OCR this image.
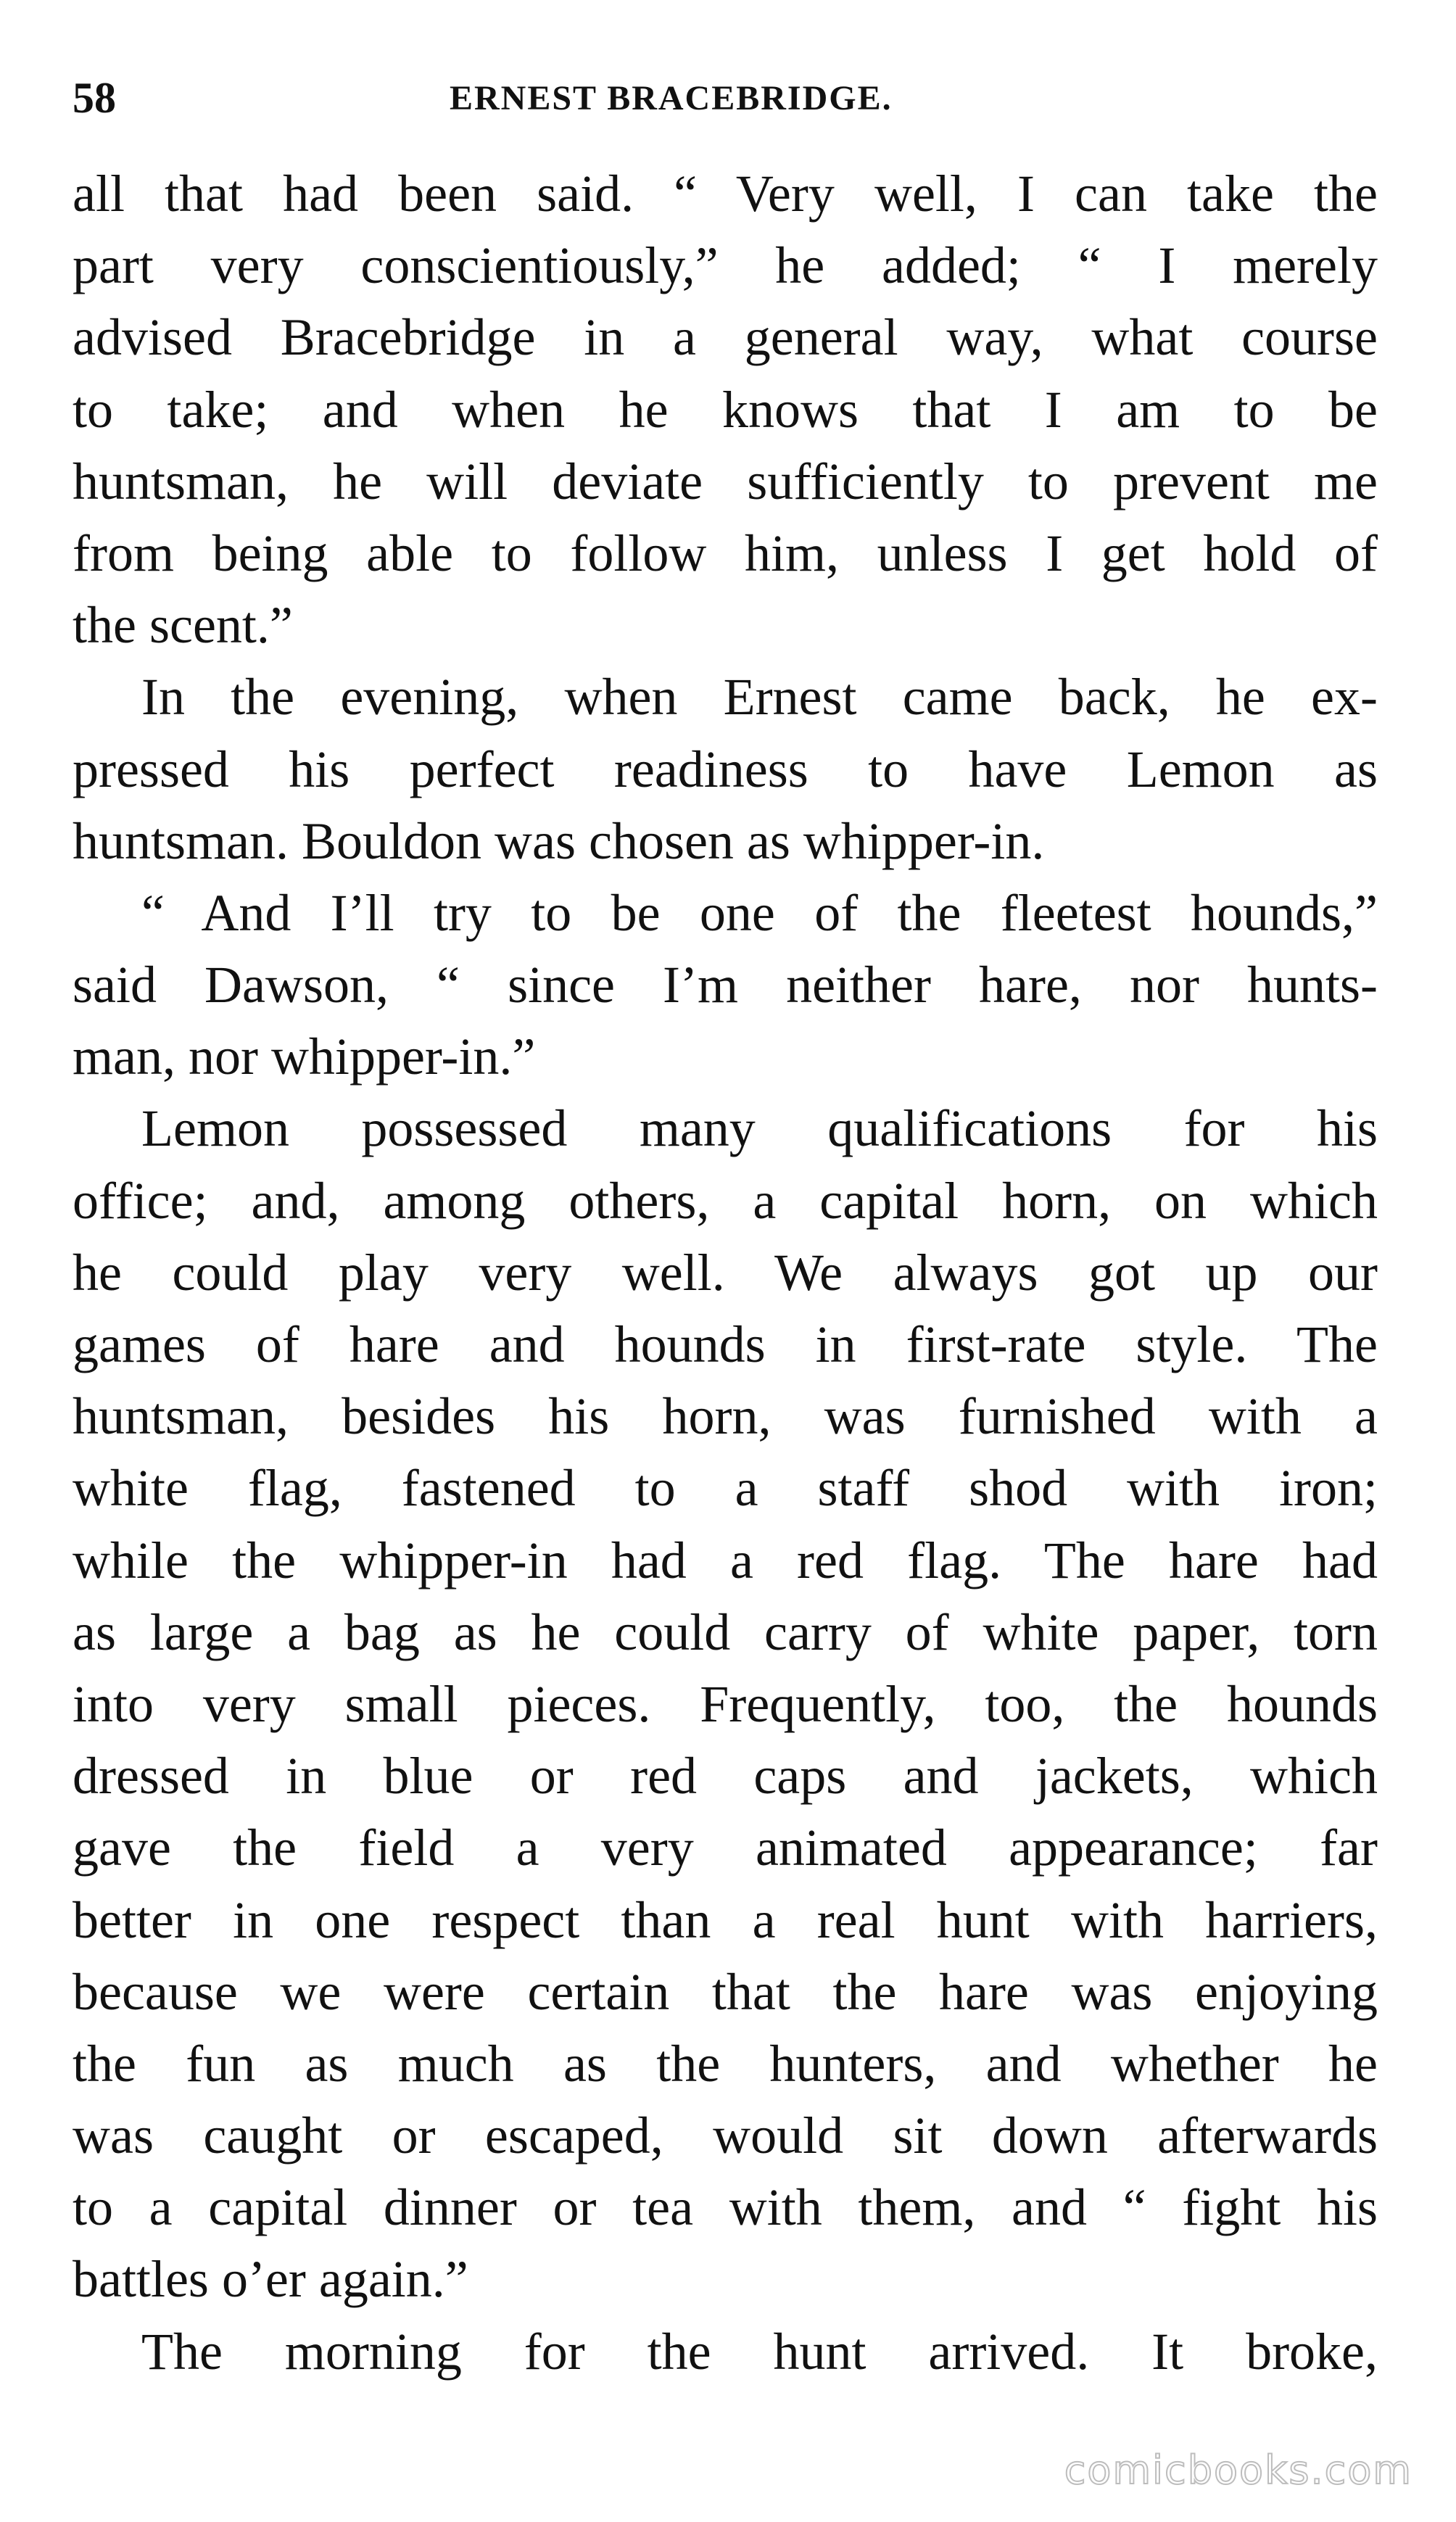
58	ERNEST BRACEBRIDGE.
all that had been said. “ Very well, I can take the
part very conscientiously,” he added; “ I merely
advised Bracebridge in a general way, what course
to take; and when he knows that I am to be
huntsman, he will deviate sufficiently to prevent me
from being able to follow him, unless I get hold of
the scent.”
In the evening, when Ernest came back, he ex-
pressed his perfect readiness to have Lemon as
huntsman. Bouldon was chosen as whipper-in.
“ And I’ll try to be one of the fleetest hounds,”
said Dawson, “ since I’m neither hare, nor hunts-
man, nor whipper-in.”
Lemon possessed many qualifications for his
office; and, among others, a capital horn, on which
he could play very well. We always got up our
games of hare and hounds in first-rate style. The
huntsman, besides his horn, was furnished with a
white flag, fastened to a staff shod with iron;
while the whipper-in had a red flag. The hare had
as large a bag as he could carry of white paper, torn
into very small pieces. Frequently, too, the hounds
dressed in blue or red caps and jackets, which
gave the field a very animated appearance; far
better in one respect than a real hunt with harriers,
because we were certain that the hare was enjoying
the fun as much as the hunters, and whether he
was caught or escaped, would sit down afterwards
to a capital dinner or tea with them, and “ fight his
battles o’er again.”
The morning for the hunt arrived. It broke,
comicbooks.com
